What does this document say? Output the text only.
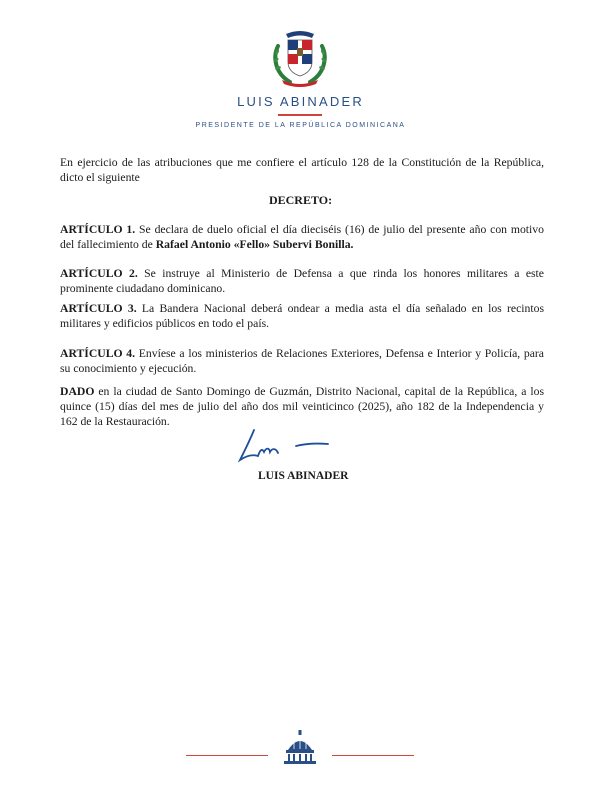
LUIS ABINADER
PRESIDENTE DE LA REPÚBLICA DOMINICANA
En ejercicio de las atribuciones que me confiere el artículo 128 de la Constitución de la República, dicto el siguiente
DECRETO:
ARTÍCULO 1. Se declara de duelo oficial el día dieciséis (16) de julio del presente año con motivo del fallecimiento de Rafael Antonio «Fello» Subervi Bonilla.
ARTÍCULO 2. Se instruye al Ministerio de Defensa a que rinda los honores militares a este prominente ciudadano dominicano.
ARTÍCULO 3. La Bandera Nacional deberá ondear a media asta el día señalado en los recintos militares y edificios públicos en todo el país.
ARTÍCULO 4. Envíese a los ministerios de Relaciones Exteriores, Defensa e Interior y Policía, para su conocimiento y ejecución.
DADO en la ciudad de Santo Domingo de Guzmán, Distrito Nacional, capital de la República, a los quince (15) días del mes de julio del año dos mil veinticinco (2025), año 182 de la Independencia y 162 de la Restauración.
LUIS ABINADER
